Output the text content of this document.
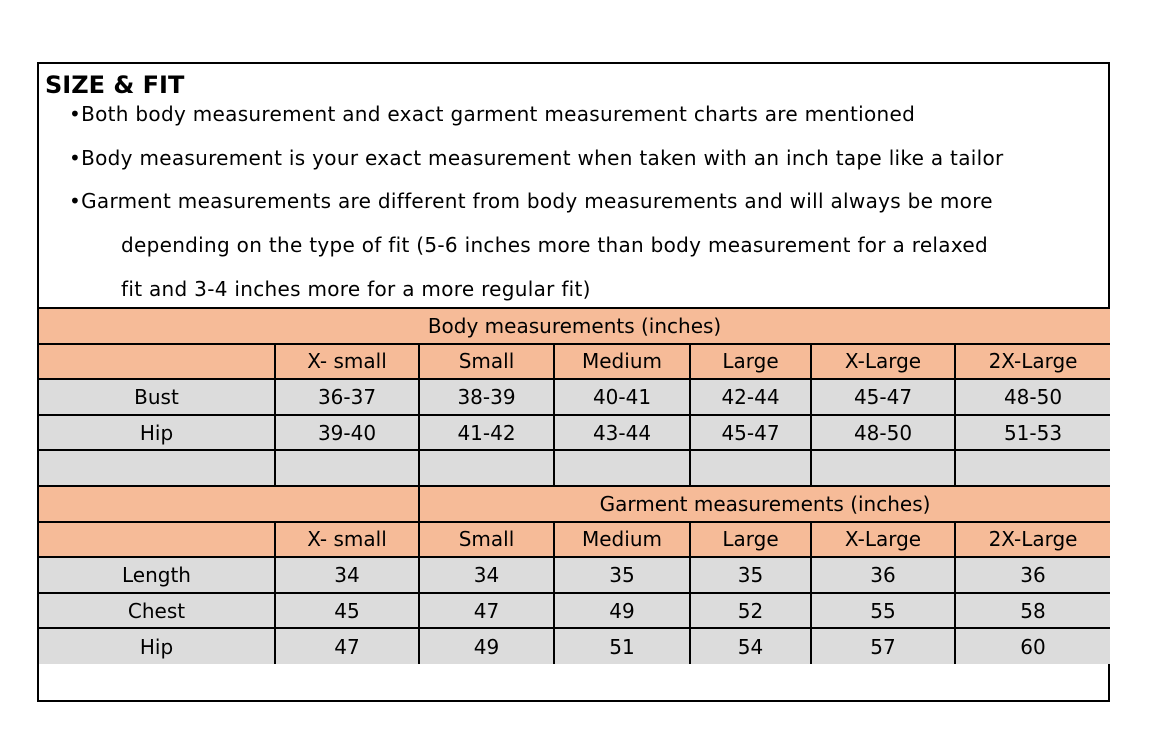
SIZE & FIT
•Both body measurement and exact garment measurement charts are mentioned
•Body measurement is your exact measurement when taken with an inch tape like a tailor
•Garment measurements are different from body measurements and will always be more
depending on the type of fit (5-6 inches more than body measurement for a relaxed
fit and 3-4 inches more for a more regular fit)
Body measurements (inches)						
	X- small	Small	Medium	Large	X-Large	2X-Large
Bust	36-37	38-39	40-41	42-44	45-47	48-50
Hip	39-40	41-42	43-44	45-47	48-50	51-53

		Garment measurements (inches)				
	X- small	Small	Medium	Large	X-Large	2X-Large
Length	34	34	35	35	36	36
Chest	45	47	49	52	55	58
Hip	47	49	51	54	57	60
